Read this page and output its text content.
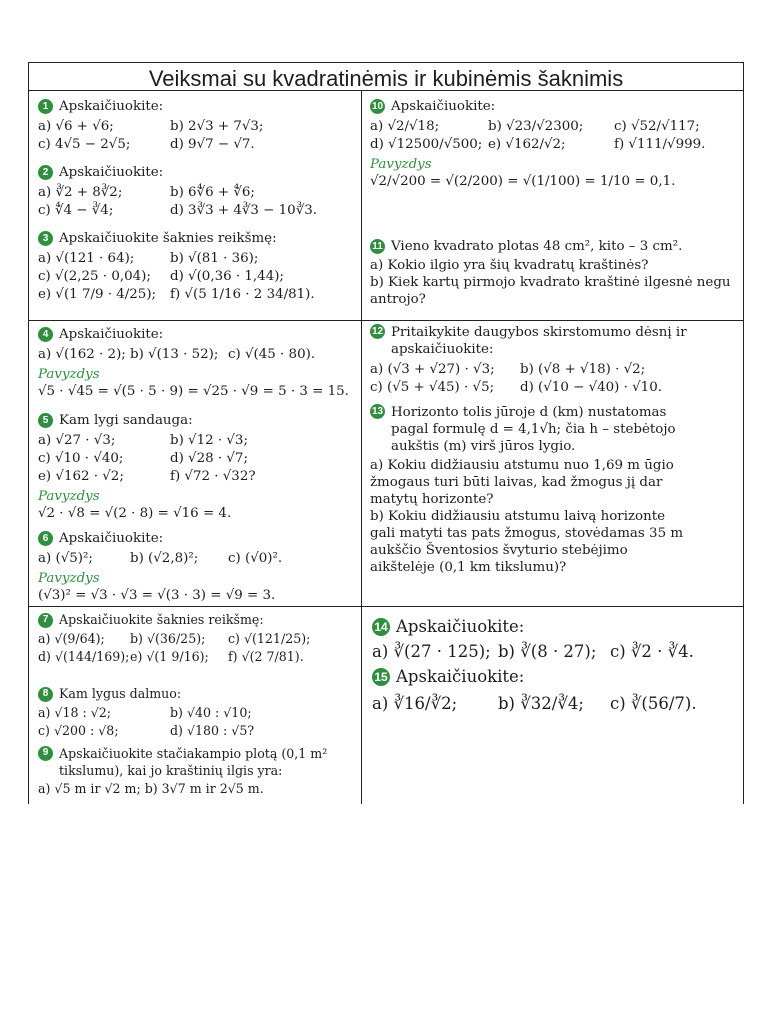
Veiksmai su kvadratinėmis ir kubinėmis šaknimis
1 Apskaičiuokite:
a) √6 + √6;	b) 2√3 + 7√3;
c) 4√5 − 2√5;	d) 9√7 − √7.
2 Apskaičiuokite:
a) ∛2 + 8∛2;	b) 6∜6 + ∜6;
c) ∜4 − ∛4;	d) 3∛3 + 4∛3 − 10∛3.
3 Apskaičiuokite šaknies reikšmę:
a) √(121 · 64);	b) √(81 · 36);
c) √(2,25 · 0,04);	d) √(0,36 · 1,44);
e) √(1 7/9 · 4/25);	f) √(5 1/16 · 2 34/81).
4 Apskaičiuokite:
a) √(162 · 2); b) √(13 · 52); c) √(45 · 80).
Pavyzdys
√5 · √45 = √(5 · 5 · 9) = √25 · √9 = 5 · 3 = 15.
5 Kam lygi sandauga:
a) √27 · √3;	b) √12 · √3;
c) √10 · √40;	d) √28 · √7;
e) √162 · √2;	f) √72 · √32?
Pavyzdys
√2 · √8 = √(2 · 8) = √16 = 4.
6 Apskaičiuokite:
a) (√5)²;	b) (√2,8)²;	c) (√0)².
Pavyzdys
(√3)² = √3 · √3 = √(3 · 3) = √9 = 3.
7 Apskaičiuokite šaknies reikšmę:
a) √(9/64);	b) √(36/25);	c) √(121/25);
d) √(144/169); e) √(1 9/16);	f) √(2 7/81).
8 Kam lygus dalmuo:
a) √18 : √2;	b) √40 : √10;
c) √200 : √8;	d) √180 : √5?
9 Apskaičiuokite stačiakampio plotą (0,1 m² tikslumu), kai jo kraštinių ilgis yra:
a) √5 m ir √2 m; b) 3√7 m ir 2√5 m.
10 Apskaičiuokite:
a) √2/√18;	b) √23/√2300;	c) √52/√117;
d) √12500/√500; e) √162/√2;	f) √111/√999.
Pavyzdys
√2/√200 = √(2/200) = √(1/100) = 1/10 = 0,1.
11 Vieno kvadrato plotas 48 cm², kito – 3 cm².
a) Kokio ilgio yra šių kvadratų kraštinės?
b) Kiek kartų pirmojo kvadrato kraštinė ilgesnė negu antrojo?
12 Pritaikykite daugybos skirstomumo dėsnį ir apskaičiuokite:
a) (√3 + √27) · √3;	b) (√8 + √18) · √2;
c) (√5 + √45) · √5;	d) (√10 − √40) · √10.
13 Horizonto tolis jūroje d (km) nustatomas pagal formulę d = 4,1√h; čia h – stebėtojo aukštis (m) virš jūros lygio.
a) Kokiu didžiausiu atstumu nuo 1,69 m ūgio žmogaus turi būti laivas, kad žmogus jį dar matytų horizonte?
b) Kokiu didžiausiu atstumu laivą horizonte gali matyti tas pats žmogus, stovėdamas 35 m aukščio Šventosios švyturio stebėjimo aikštelėje (0,1 km tikslumu)?
14 Apskaičiuokite:
a) ∛(27 · 125); b) ∛(8 · 27); c) ∛2 · ∛4.
15 Apskaičiuokite:
a) ∛16/∛2;	b) ∛32/∛4;	c) ∛(56/7).
